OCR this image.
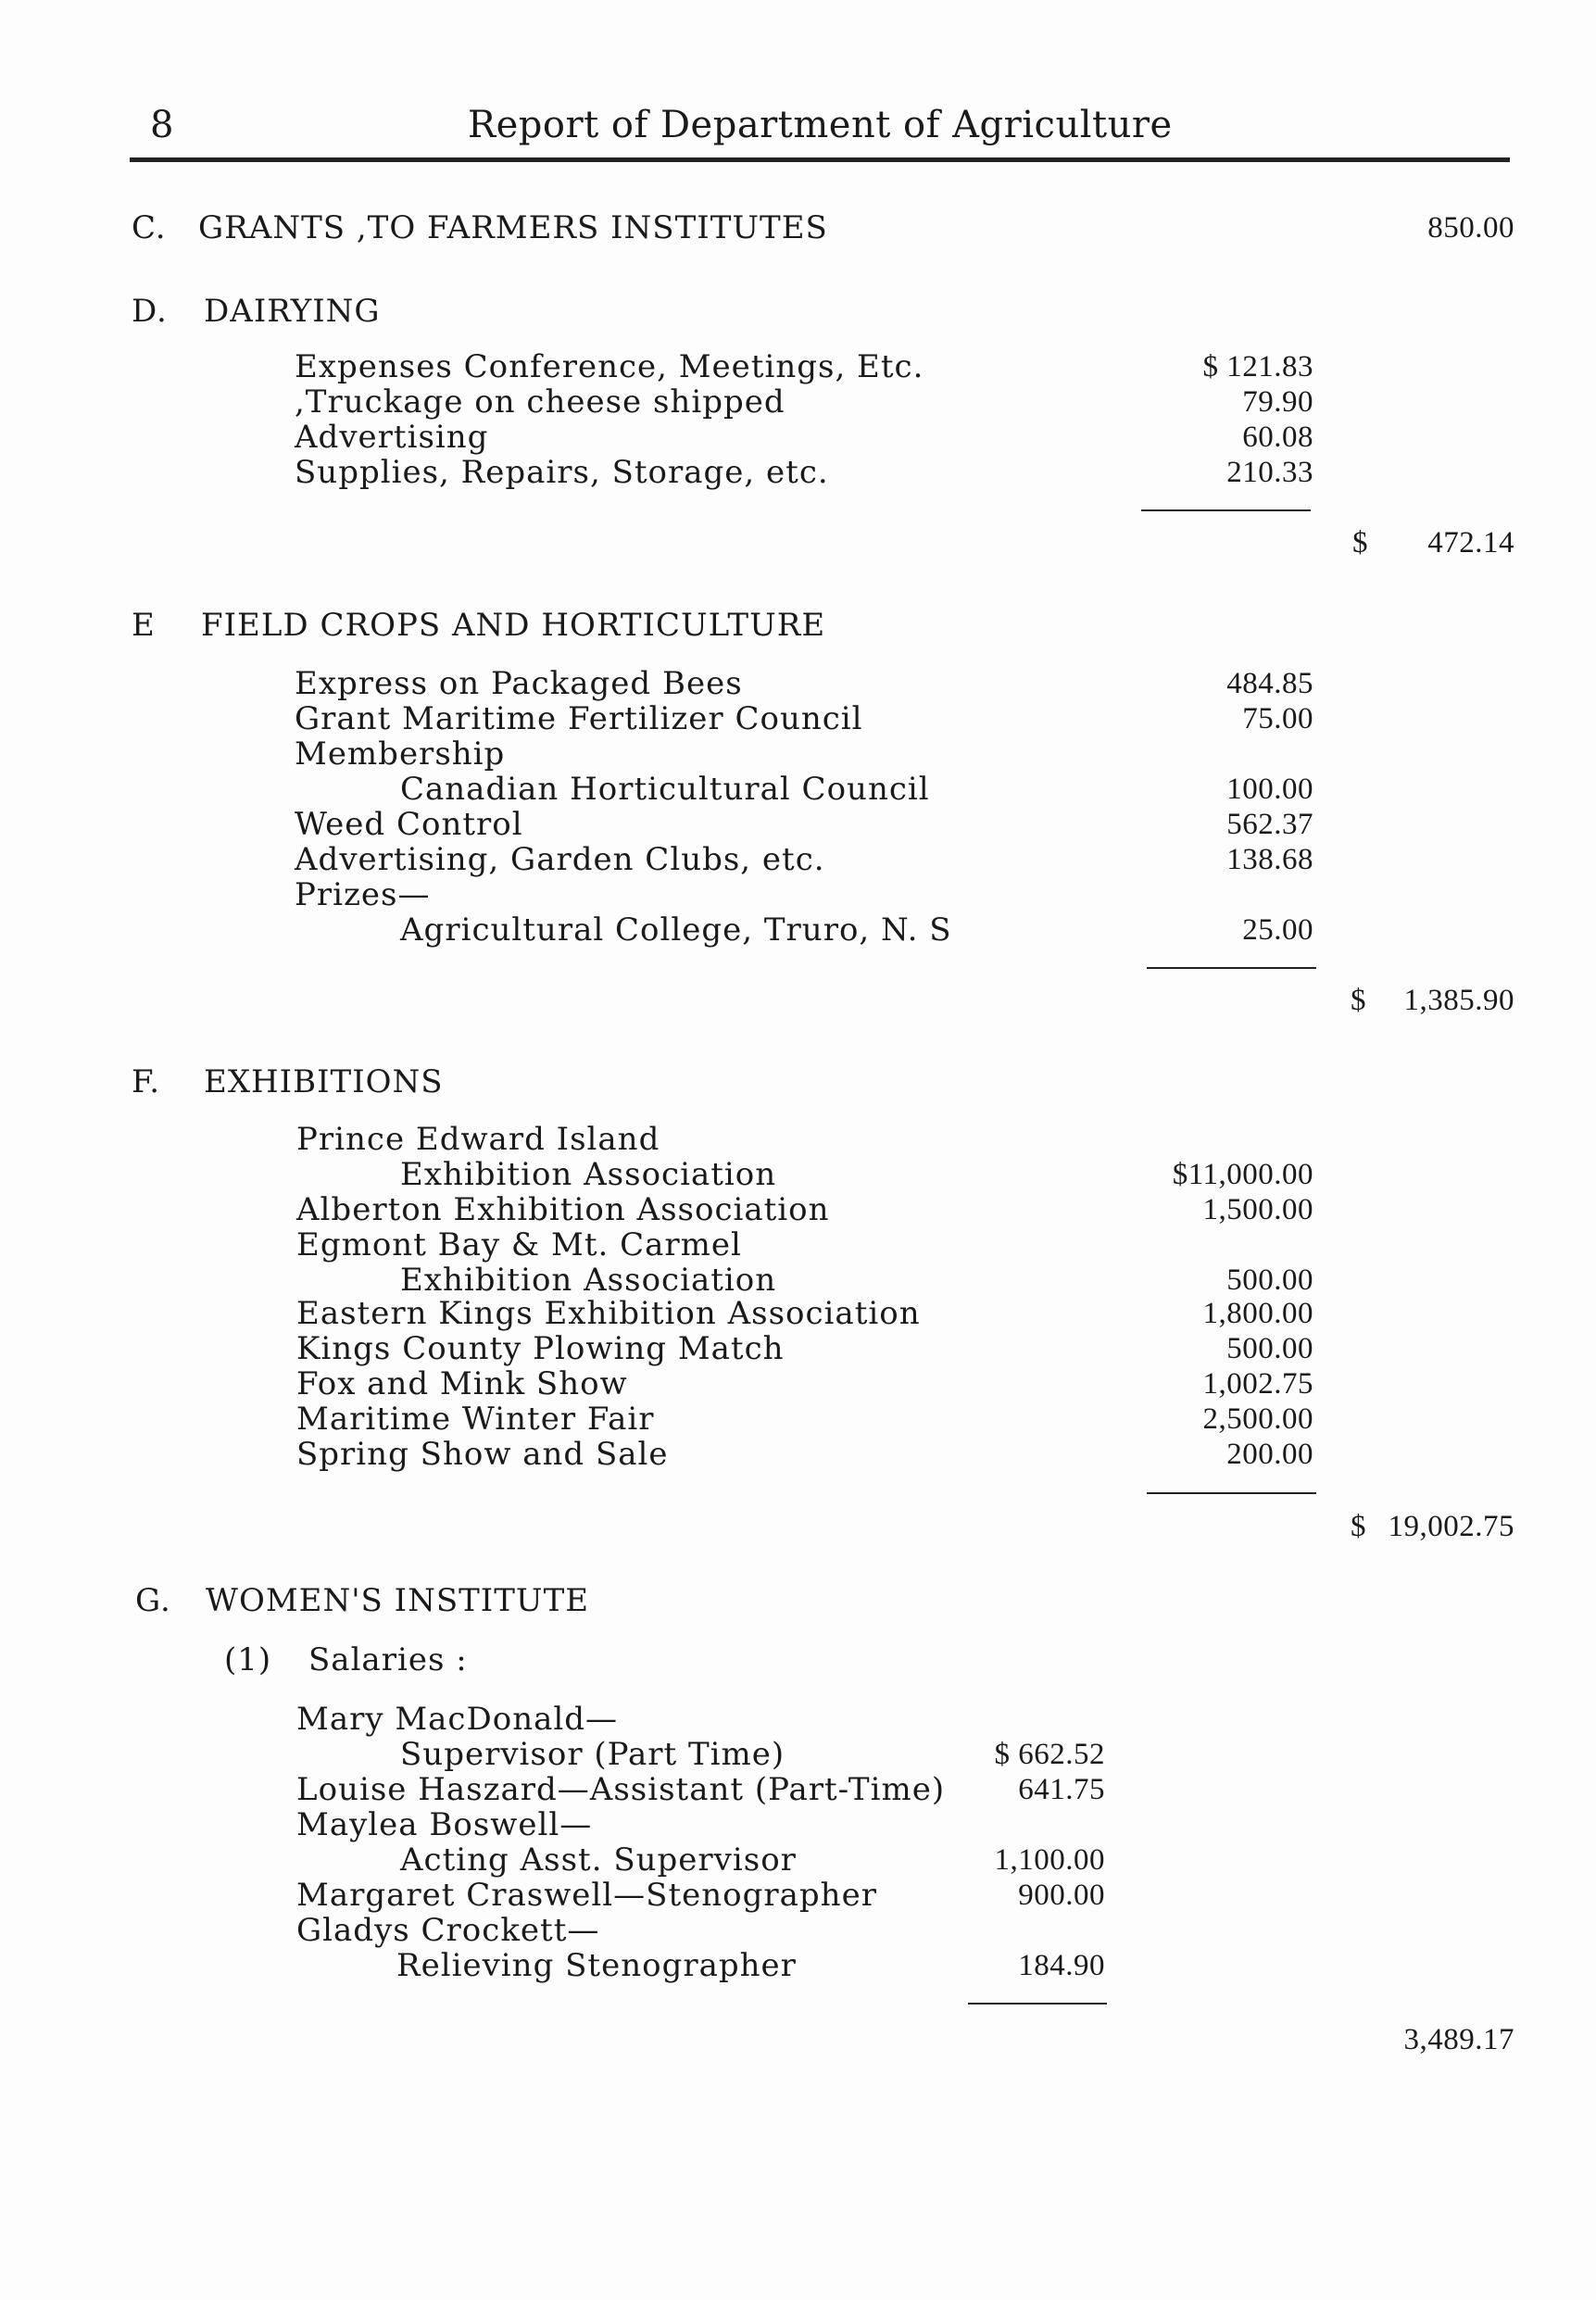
8	Report of Department of Agriculture
C. GRANTS ,TO FARMERS INSTITUTES	850.00
D. DAIRYING
Expenses Conference, Meetings, Etc.	$ 121.83
,Truckage on cheese shipped	79.90
Advertising	60.08
Supplies, Repairs, Storage, etc.	210.33
$ 472.14
E FIELD CROPS AND HORTICULTURE
Express on Packaged Bees	484.85
Grant Maritime Fertilizer Council	75.00
Membership
Canadian Horticultural Council	100.00
Weed Control	562.37
Advertising, Garden Clubs, etc.	138.68
Prizes—
Agricultural College, Truro, N. S	25.00
$ 1,385.90
F. EXHIBITIONS
Prince Edward Island
Exhibition Association	$11,000.00
Alberton Exhibition Association	1,500.00
Egmont Bay & Mt. Carmel
Exhibition Association	500.00
Eastern Kings Exhibition Association	1,800.00
Kings County Plowing Match	500.00
Fox and Mink Show	1,002.75
Maritime Winter Fair	2,500.00
Spring Show and Sale	200.00
$ 19,002.75
G. WOMEN'S INSTITUTE
(1) Salaries :
Mary MacDonald—
Supervisor (Part Time)	$ 662.52
Louise Haszard—Assistant (Part-Time) 641.75
Maylea Boswell—
Acting Asst. Supervisor	1,100.00
Margaret Craswell—Stenographer	900.00
Gladys Crockett—
Relieving Stenographer	184.90
3,489.17
